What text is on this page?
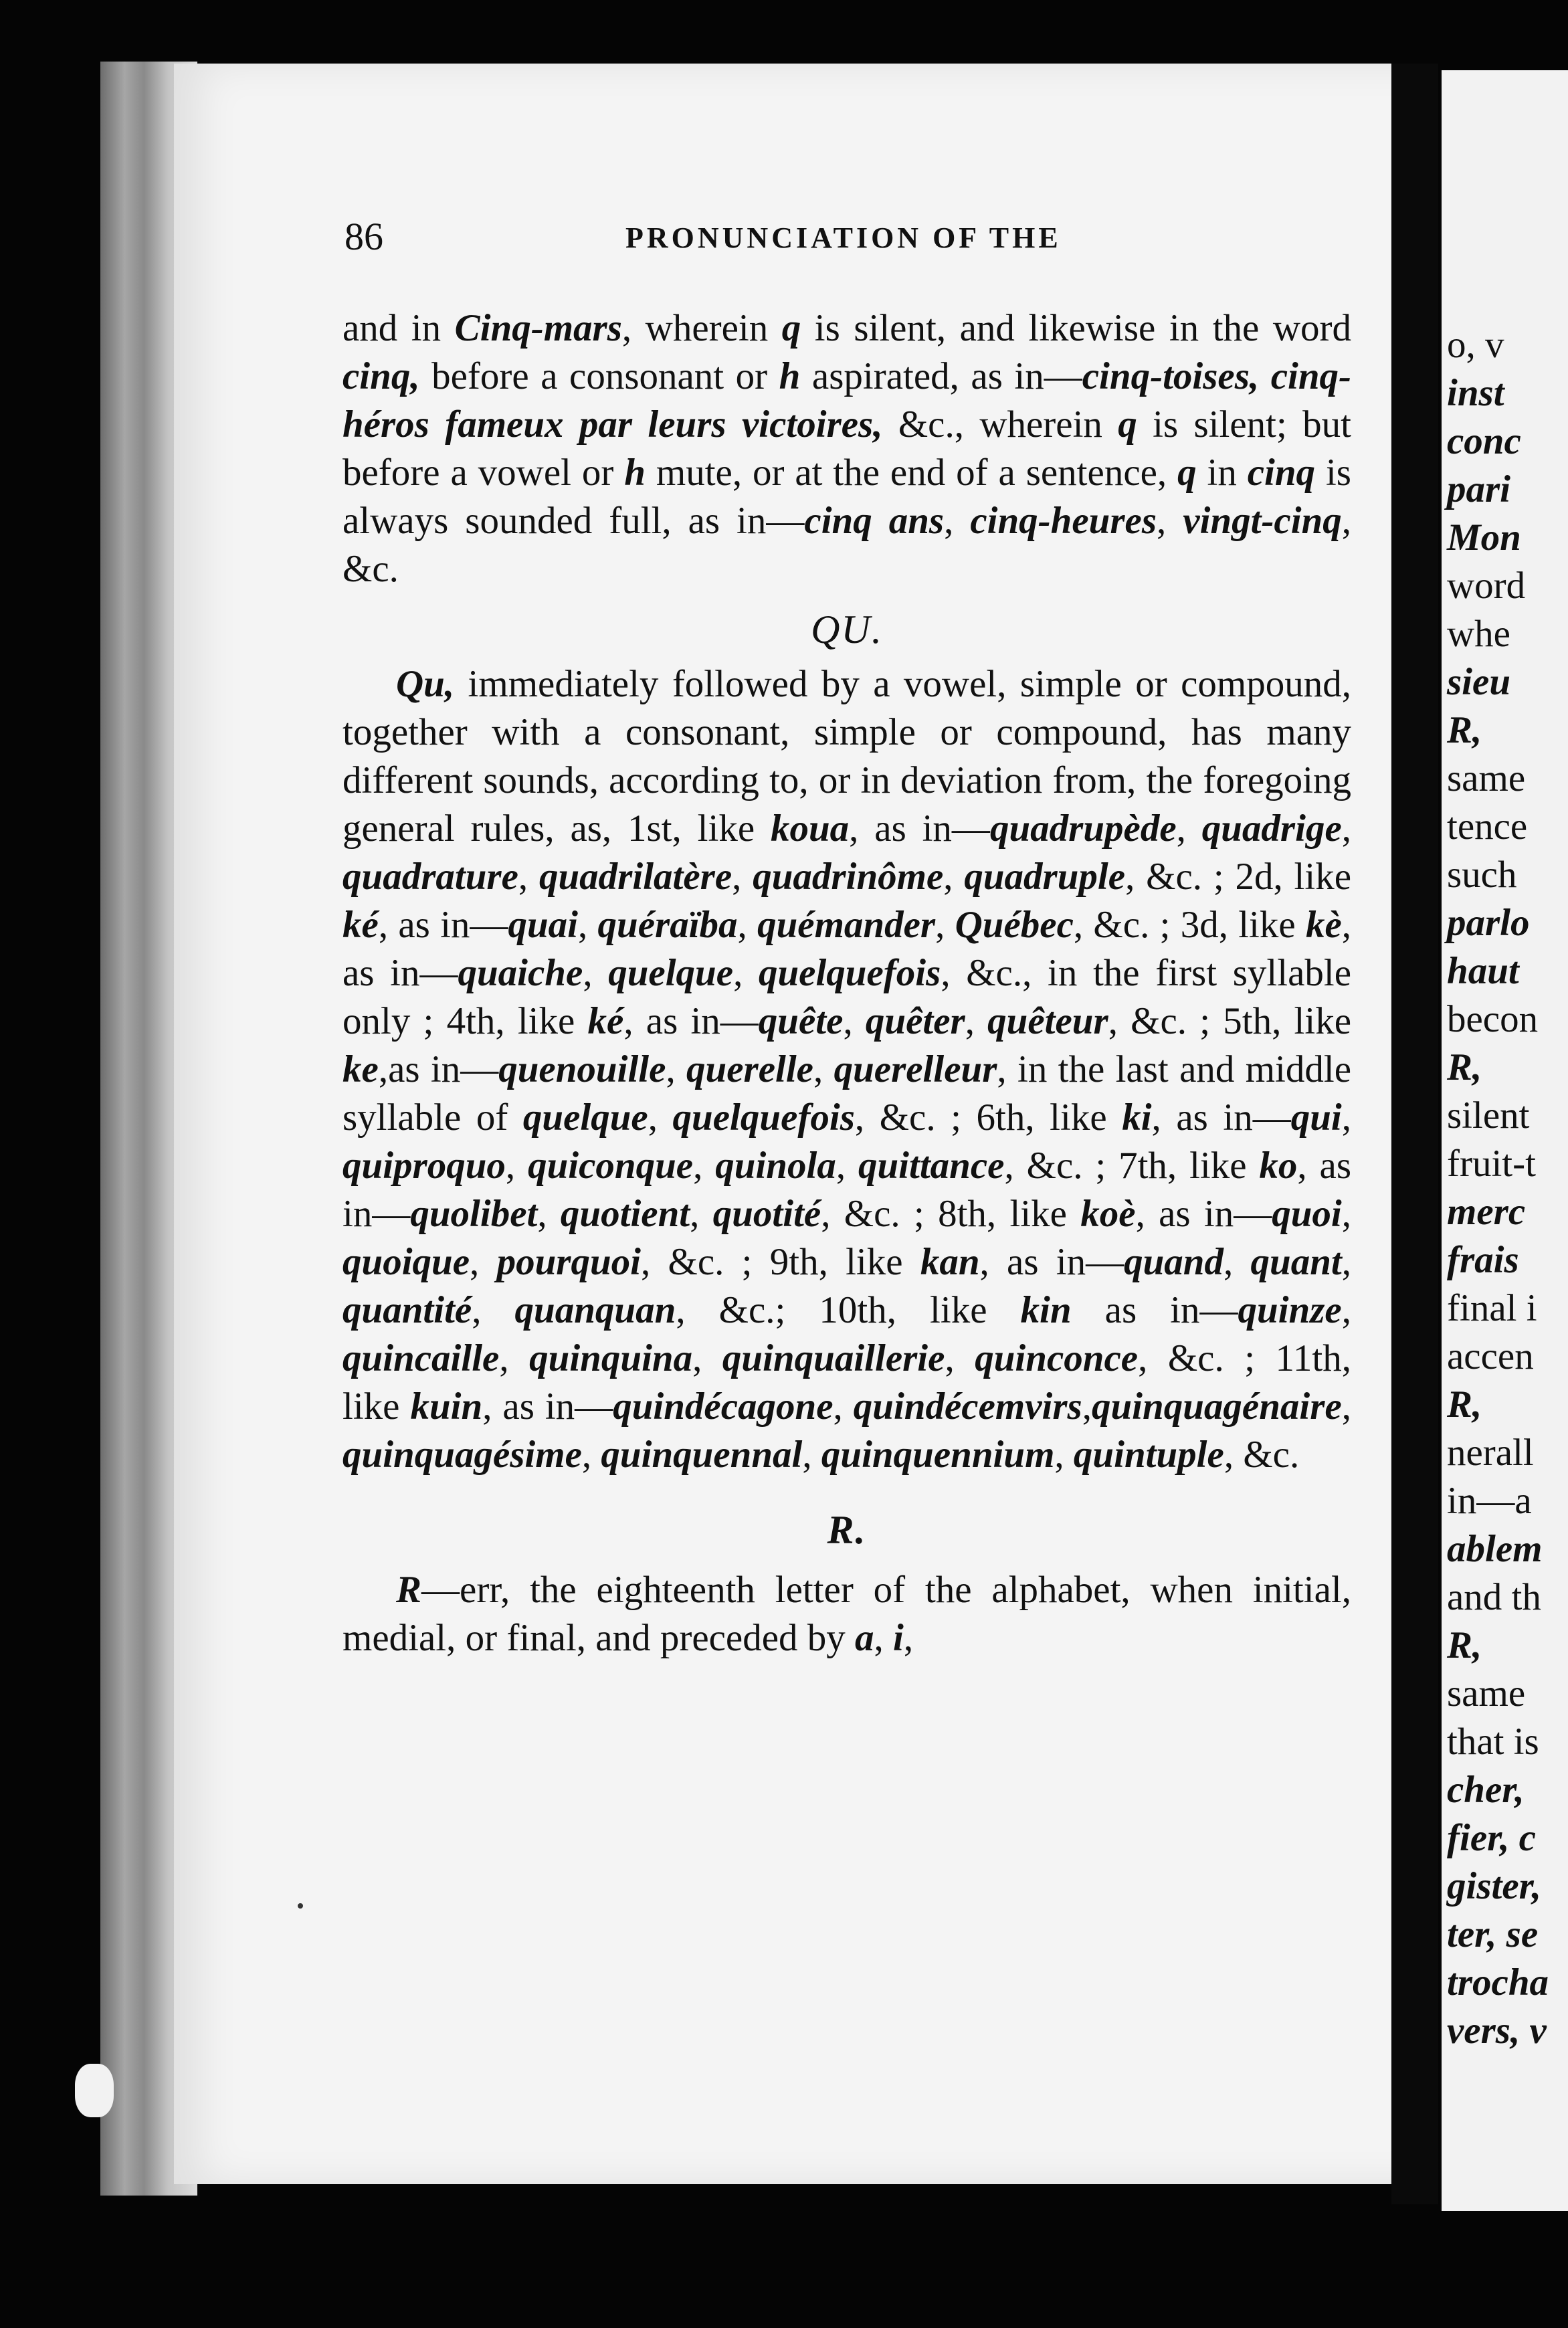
86	PRONUNCIATION OF THE

and in Cinq-mars, wherein q is silent, and likewise in the word cinq, before a consonant or h aspirated, as in—cinq-toises, cinq-héros fameux par leurs victoires, &c., wherein q is silent; but before a vowel or h mute, or at the end of a sentence, q in cinq is always sounded full, as in—cinq ans, cinq-heures, vingt-cinq, &c.

QU.

Qu, immediately followed by a vowel, simple or compound, together with a consonant, simple or compound, has many different sounds, according to, or in deviation from, the foregoing general rules, as, 1st, like koua, as in—quadrupède, quadrige, quadrature, quadrilatère, quadrinôme, quadruple, &c. ; 2d, like ké, as in—quai, quéraïba, quémander, Québec, &c. ; 3d, like kè, as in—quaiche, quelque, quelquefois, &c., in the first syllable only ; 4th, like ké, as in—quête, quêter, quêteur, &c. ; 5th, like ke,as in—quenouille, querelle, querelleur, in the last and middle syllable of quelque, quelquefois, &c. ; 6th, like ki, as in—qui, quiproquo, quiconque, quinola, quittance, &c. ; 7th, like ko, as in—quolibet, quotient, quotité, &c. ; 8th, like koè, as in—quoi, quoique, pourquoi, &c. ; 9th, like kan, as in—quand, quant, quantité, quanquan, &c.; 10th, like kin as in—quinze, quincaille, quinquina, quinquaillerie, quinconce, &c. ; 11th, like kuin, as in—quindécagone, quindécemvirs,quinquagénaire, quinquagésime, quinquennal, quinquennium, quintuple, &c.

R.

R—err, the eighteenth letter of the alphabet, when initial, medial, or final, and preceded by a, i,

o, v
inst
conc
pari
Mon
word
whe
sieu
R,
same
tence
such
parlo
haut
becon
R,
silent
fruit-t
merc
frais
final i
accen
R,
nerall
in—a
ablem
and th
R,
same
that is
cher,
fier, c
gister,
ter, se
trocha
vers, v
